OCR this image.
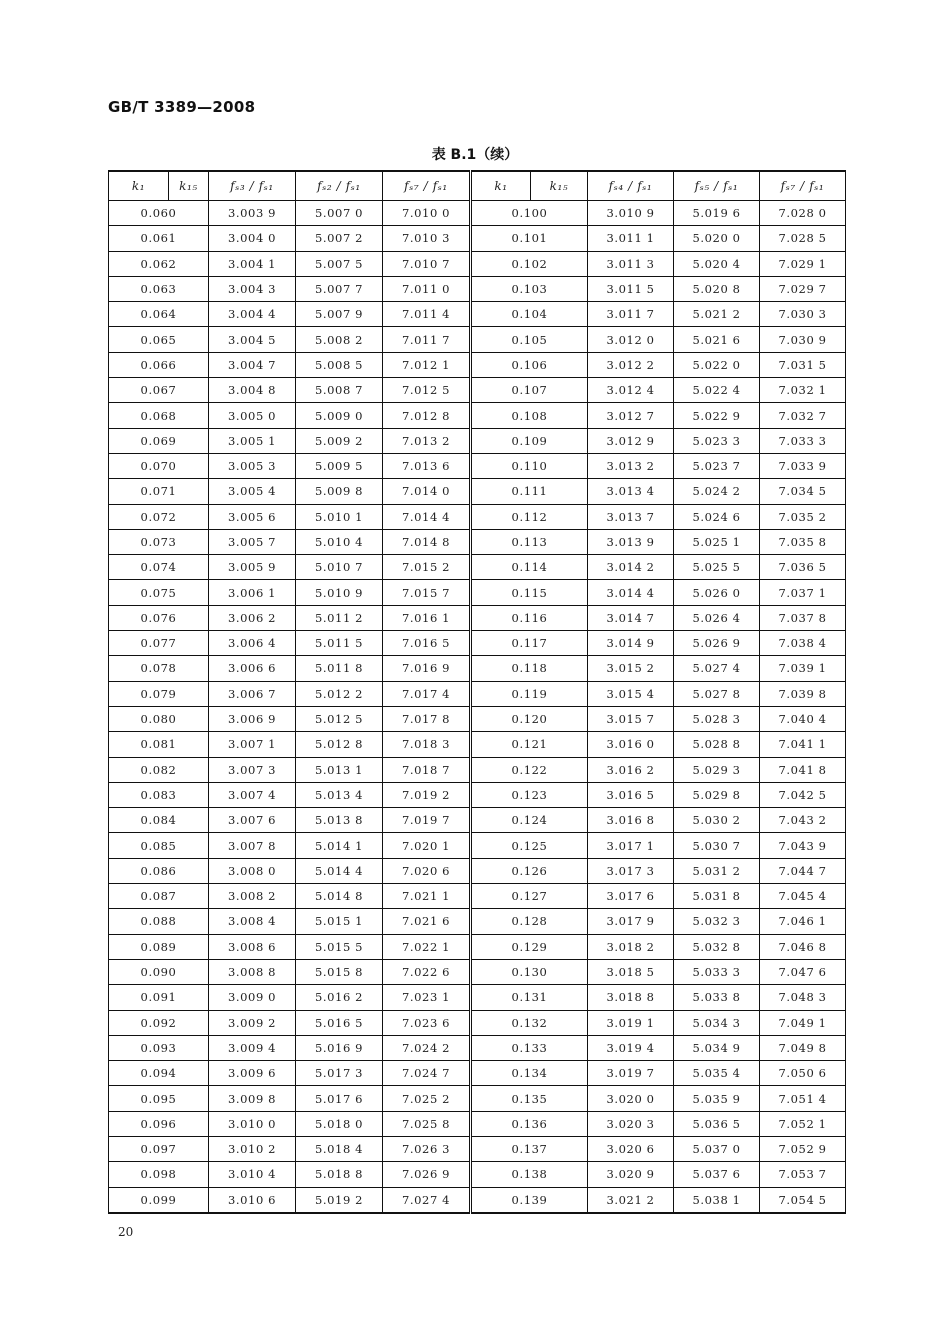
GB/T 3389—2008
表 B.1（续）
k₁	k₁₅	fₛ₃ / fₛ₁	fₛ₂ / fₛ₁	fₛ₇ / fₛ₁	k₁	k₁₅	fₛ₄ / fₛ₁	fₛ₅ / fₛ₁	fₛ₇ / fₛ₁
0.060		3.003 9	5.007 0	7.010 0	0.100		3.010 9	5.019 6	7.028 0
0.061		3.004 0	5.007 2	7.010 3	0.101		3.011 1	5.020 0	7.028 5
0.062		3.004 1	5.007 5	7.010 7	0.102		3.011 3	5.020 4	7.029 1
0.063		3.004 3	5.007 7	7.011 0	0.103		3.011 5	5.020 8	7.029 7
0.064		3.004 4	5.007 9	7.011 4	0.104		3.011 7	5.021 2	7.030 3
0.065		3.004 5	5.008 2	7.011 7	0.105		3.012 0	5.021 6	7.030 9
0.066		3.004 7	5.008 5	7.012 1	0.106		3.012 2	5.022 0	7.031 5
0.067		3.004 8	5.008 7	7.012 5	0.107		3.012 4	5.022 4	7.032 1
0.068		3.005 0	5.009 0	7.012 8	0.108		3.012 7	5.022 9	7.032 7
0.069		3.005 1	5.009 2	7.013 2	0.109		3.012 9	5.023 3	7.033 3
0.070		3.005 3	5.009 5	7.013 6	0.110		3.013 2	5.023 7	7.033 9
0.071		3.005 4	5.009 8	7.014 0	0.111		3.013 4	5.024 2	7.034 5
0.072		3.005 6	5.010 1	7.014 4	0.112		3.013 7	5.024 6	7.035 2
0.073		3.005 7	5.010 4	7.014 8	0.113		3.013 9	5.025 1	7.035 8
0.074		3.005 9	5.010 7	7.015 2	0.114		3.014 2	5.025 5	7.036 5
0.075		3.006 1	5.010 9	7.015 7	0.115		3.014 4	5.026 0	7.037 1
0.076		3.006 2	5.011 2	7.016 1	0.116		3.014 7	5.026 4	7.037 8
0.077		3.006 4	5.011 5	7.016 5	0.117		3.014 9	5.026 9	7.038 4
0.078		3.006 6	5.011 8	7.016 9	0.118		3.015 2	5.027 4	7.039 1
0.079		3.006 7	5.012 2	7.017 4	0.119		3.015 4	5.027 8	7.039 8
0.080		3.006 9	5.012 5	7.017 8	0.120		3.015 7	5.028 3	7.040 4
0.081		3.007 1	5.012 8	7.018 3	0.121		3.016 0	5.028 8	7.041 1
0.082		3.007 3	5.013 1	7.018 7	0.122		3.016 2	5.029 3	7.041 8
0.083		3.007 4	5.013 4	7.019 2	0.123		3.016 5	5.029 8	7.042 5
0.084		3.007 6	5.013 8	7.019 7	0.124		3.016 8	5.030 2	7.043 2
0.085		3.007 8	5.014 1	7.020 1	0.125		3.017 1	5.030 7	7.043 9
0.086		3.008 0	5.014 4	7.020 6	0.126		3.017 3	5.031 2	7.044 7
0.087		3.008 2	5.014 8	7.021 1	0.127		3.017 6	5.031 8	7.045 4
0.088		3.008 4	5.015 1	7.021 6	0.128		3.017 9	5.032 3	7.046 1
0.089		3.008 6	5.015 5	7.022 1	0.129		3.018 2	5.032 8	7.046 8
0.090		3.008 8	5.015 8	7.022 6	0.130		3.018 5	5.033 3	7.047 6
0.091		3.009 0	5.016 2	7.023 1	0.131		3.018 8	5.033 8	7.048 3
0.092		3.009 2	5.016 5	7.023 6	0.132		3.019 1	5.034 3	7.049 1
0.093		3.009 4	5.016 9	7.024 2	0.133		3.019 4	5.034 9	7.049 8
0.094		3.009 6	5.017 3	7.024 7	0.134		3.019 7	5.035 4	7.050 6
0.095		3.009 8	5.017 6	7.025 2	0.135		3.020 0	5.035 9	7.051 4
0.096		3.010 0	5.018 0	7.025 8	0.136		3.020 3	5.036 5	7.052 1
0.097		3.010 2	5.018 4	7.026 3	0.137		3.020 6	5.037 0	7.052 9
0.098		3.010 4	5.018 8	7.026 9	0.138		3.020 9	5.037 6	7.053 7
0.099		3.010 6	5.019 2	7.027 4	0.139		3.021 2	5.038 1	7.054 5
20
